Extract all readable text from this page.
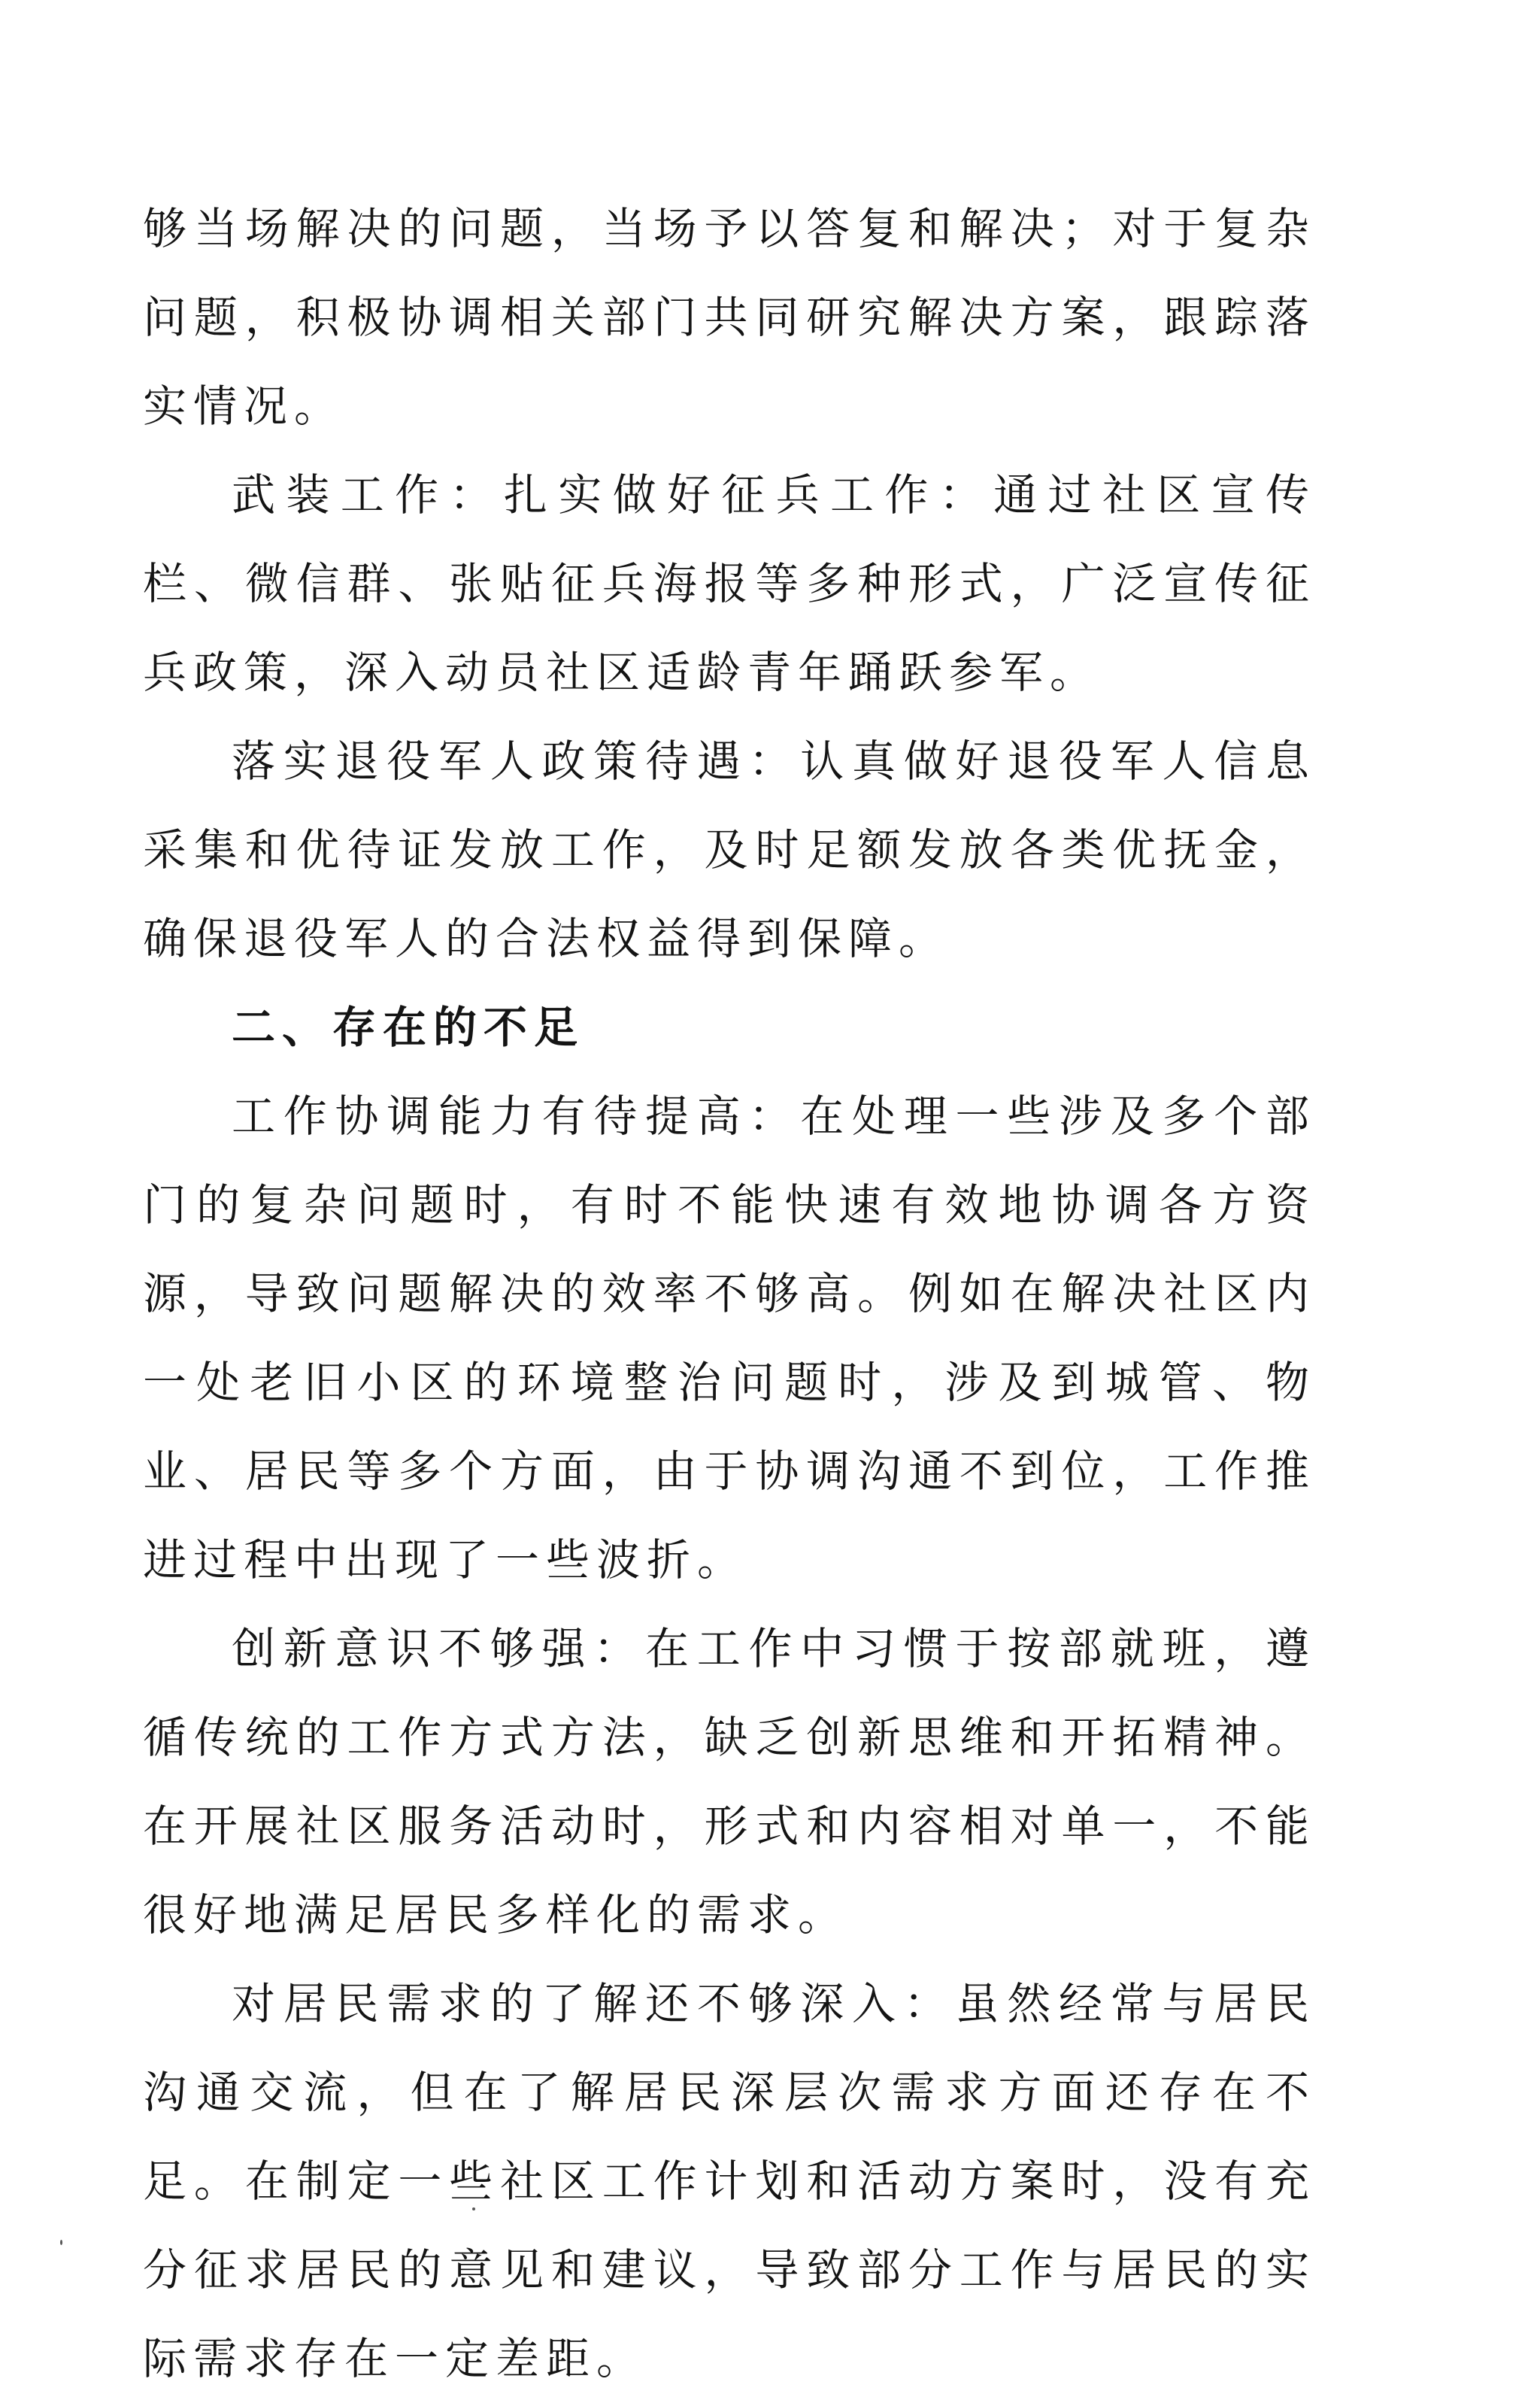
够当场解决的问题，当场予以答复和解决；对于复杂问题，积极协调相关部门共同研究解决方案，跟踪落实情况。

武装工作：扎实做好征兵工作：通过社区宣传栏、微信群、张贴征兵海报等多种形式，广泛宣传征兵政策，深入动员社区适龄青年踊跃参军。

落实退役军人政策待遇：认真做好退役军人信息采集和优待证发放工作，及时足额发放各类优抚金，确保退役军人的合法权益得到保障。

二、存在的不足

工作协调能力有待提高：在处理一些涉及多个部门的复杂问题时，有时不能快速有效地协调各方资源，导致问题解决的效率不够高。例如在解决社区内一处老旧小区的环境整治问题时，涉及到城管、物业、居民等多个方面，由于协调沟通不到位，工作推进过程中出现了一些波折。

创新意识不够强：在工作中习惯于按部就班，遵循传统的工作方式方法，缺乏创新思维和开拓精神。在开展社区服务活动时，形式和内容相对单一，不能很好地满足居民多样化的需求。

对居民需求的了解还不够深入：虽然经常与居民沟通交流，但在了解居民深层次需求方面还存在不足。在制定一些社区工作计划和活动方案时，没有充分征求居民的意见和建议，导致部分工作与居民的实际需求存在一定差距。
